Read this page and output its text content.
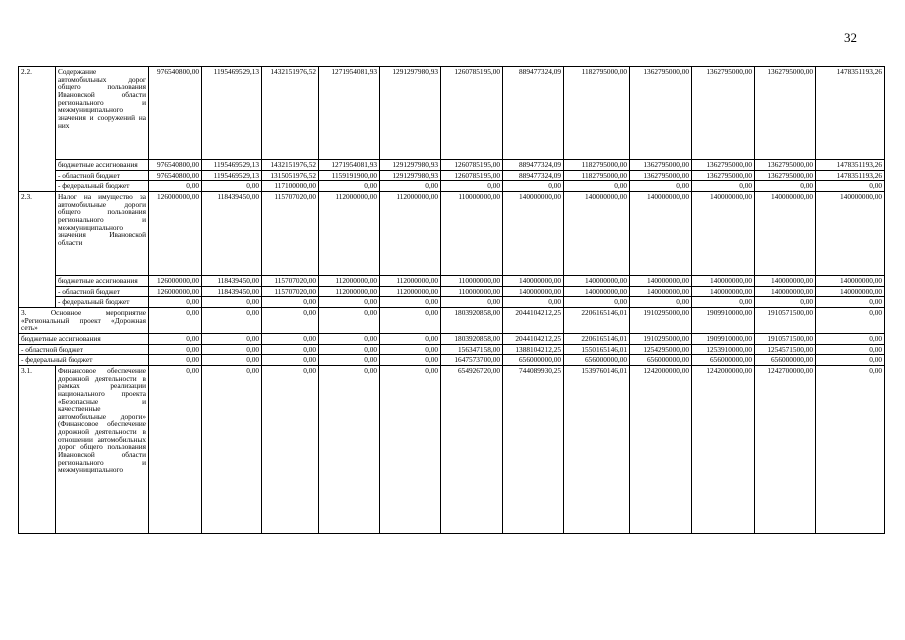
32
2.2.	Содержание автомобильных дорог общего пользования Ивановской области регионального и межмуниципального значения и сооружений на них	976540800,00	1195469529,13	1432151976,52	1271954081,93	1291297980,93	1260785195,00	889477324,09	1182795000,00	1362795000,00	1362795000,00	1362795000,00	1478351193,26
	бюджетные ассигнования	976540800,00	1195469529,13	1432151976,52	1271954081,93	1291297980,93	1260785195,00	889477324,09	1182795000,00	1362795000,00	1362795000,00	1362795000,00	1478351193,26
	- областной бюджет	976540800,00	1195469529,13	1315051976,52	1159191900,00	1291297980,93	1260785195,00	889477324,09	1182795000,00	1362795000,00	1362795000,00	1362795000,00	1478351193,26
	- федеральный бюджет	0,00	0,00	117100000,00	0,00	0,00	0,00	0,00	0,00	0,00	0,00	0,00	0,00
2.3.	Налог на имущество за автомобильные дороги общего пользования регионального и межмуниципального значения Ивановской области	126000000,00	118439450,00	115707020,00	112000000,00	112000000,00	110000000,00	140000000,00	140000000,00	140000000,00	140000000,00	140000000,00	140000000,00
	бюджетные ассигнования	126000000,00	118439450,00	115707020,00	112000000,00	112000000,00	110000000,00	140000000,00	140000000,00	140000000,00	140000000,00	140000000,00	140000000,00
	- областной бюджет	126000000,00	118439450,00	115707020,00	112000000,00	112000000,00	110000000,00	140000000,00	140000000,00	140000000,00	140000000,00	140000000,00	140000000,00
	- федеральный бюджет	0,00	0,00	0,00	0,00	0,00	0,00	0,00	0,00	0,00	0,00	0,00	0,00
3. Основное мероприятие «Региональный проект «Дорожная сеть»		0,00	0,00	0,00	0,00	0,00	1803920858,00	2044104212,25	2206165146,01	1910295000,00	1909910000,00	1910571500,00	0,00
бюджетные ассигнования		0,00	0,00	0,00	0,00	0,00	1803920858,00	2044104212,25	2206165146,01	1910295000,00	1909910000,00	1910571500,00	0,00
- областной бюджет		0,00	0,00	0,00	0,00	0,00	156347158,00	1388104212,25	1550165146,01	1254295000,00	1253910000,00	1254571500,00	0,00
- федеральный бюджет		0,00	0,00	0,00	0,00	0,00	1647573700,00	656000000,00	656000000,00	656000000,00	656000000,00	656000000,00	0,00
3.1.	Финансовое обеспечение дорожной деятельности в рамках реализации национального проекта «Безопасные и качественные автомобильные дороги» (Финансовое обеспечение дорожной деятельности в отношении автомобильных дорог общего пользования Ивановской области регионального и межмуниципального	0,00	0,00	0,00	0,00	0,00	654926720,00	744089930,25	1539760146,01	1242000000,00	1242000000,00	1242700000,00	0,00
